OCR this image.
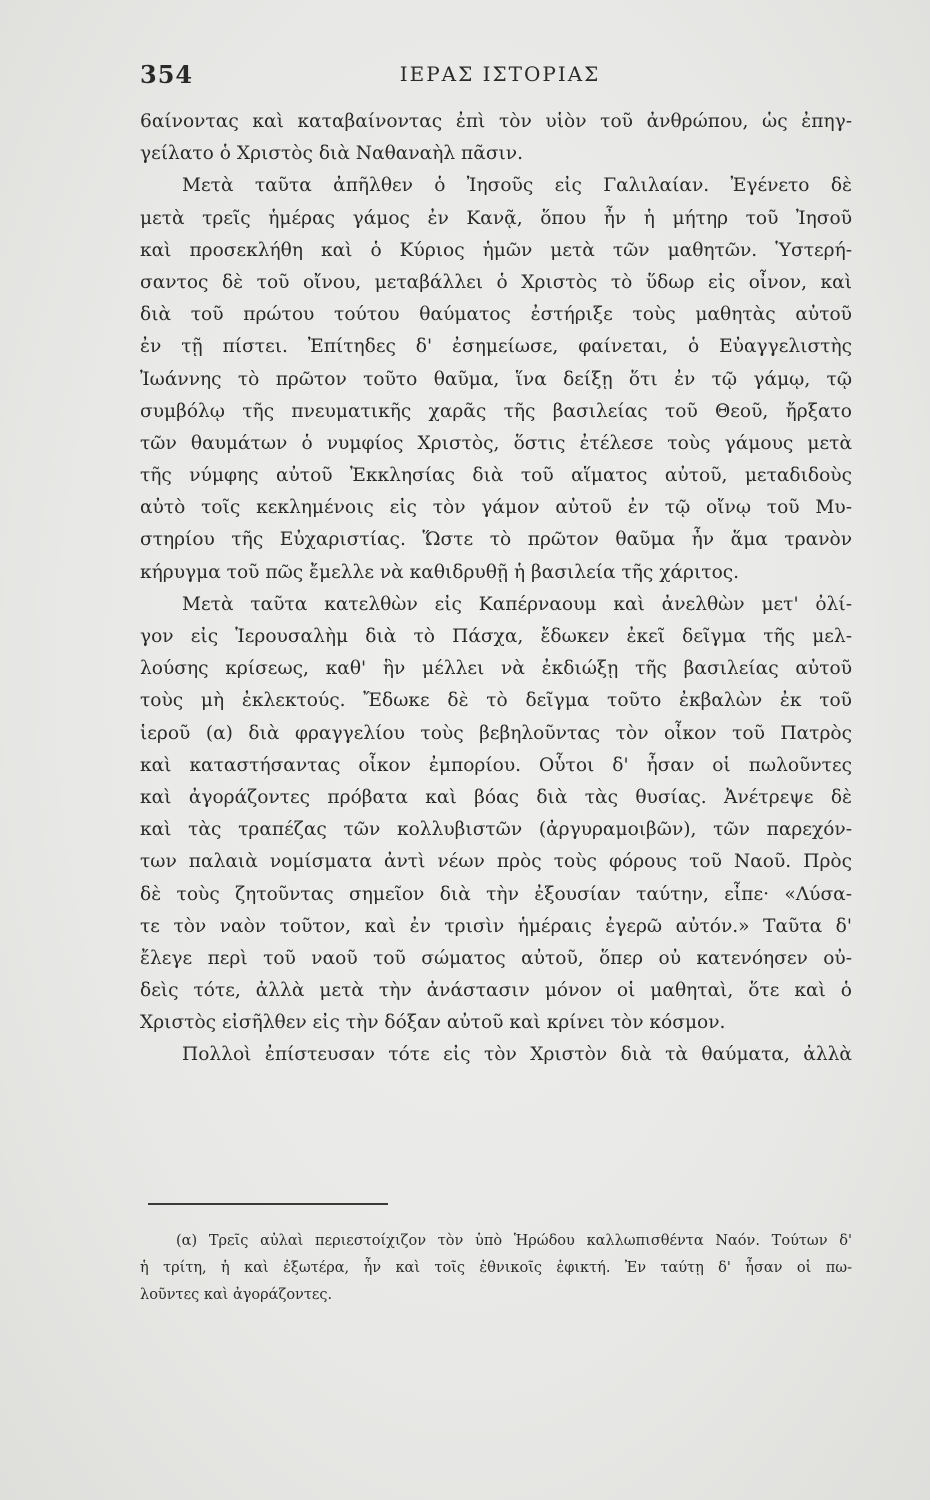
354	ΙΕΡΑΣ ΙΣΤΟΡΙΑΣ
6αίνοντας καὶ καταβαίνοντας ἐπὶ τὸν υἱὸν τοῦ ἀνθρώπου, ὡς ἐπηγ-
γείλατο ὁ Χριστὸς διὰ Ναθαναὴλ πᾶσιν.
Μετὰ ταῦτα ἀπῆλθεν ὁ Ἰησοῦς εἰς Γαλιλαίαν. Ἐγένετο δὲ
μετὰ τρεῖς ἡμέρας γάμος ἐν Κανᾷ, ὅπου ἦν ἡ μήτηρ τοῦ Ἰησοῦ
καὶ προσεκλήθη καὶ ὁ Κύριος ἡμῶν μετὰ τῶν μαθητῶν. Ὑστερή-
σαντος δὲ τοῦ οἴνου, μεταβάλλει ὁ Χριστὸς τὸ ὕδωρ εἰς οἶνον, καὶ
διὰ τοῦ πρώτου τούτου θαύματος ἐστήριξε τοὺς μαθητὰς αὐτοῦ
ἐν τῇ πίστει. Ἐπίτηδες δ' ἐσημείωσε, φαίνεται, ὁ Εὐαγγελιστὴς
Ἰωάννης τὸ πρῶτον τοῦτο θαῦμα, ἵνα δείξῃ ὅτι ἐν τῷ γάμῳ, τῷ
συμβόλῳ τῆς πνευματικῆς χαρᾶς τῆς βασιλείας τοῦ Θεοῦ, ἤρξατο
τῶν θαυμάτων ὁ νυμφίος Χριστὸς, ὅστις ἐτέλεσε τοὺς γάμους μετὰ
τῆς νύμφης αὐτοῦ Ἐκκλησίας διὰ τοῦ αἵματος αὐτοῦ, μεταδιδοὺς
αὐτὸ τοῖς κεκλημένοις εἰς τὸν γάμον αὐτοῦ ἐν τῷ οἴνῳ τοῦ Μυ-
στηρίου τῆς Εὐχαριστίας. Ὥστε τὸ πρῶτον θαῦμα ἦν ἅμα τρανὸν
κήρυγμα τοῦ πῶς ἔμελλε νὰ καθιδρυθῇ ἡ βασιλεία τῆς χάριτος.
Μετὰ ταῦτα κατελθὼν εἰς Καπέρναουμ καὶ ἀνελθὼν μετ' ὀλί-
γον εἰς Ἱερουσαλὴμ διὰ τὸ Πάσχα, ἔδωκεν ἐκεῖ δεῖγμα τῆς μελ-
λούσης κρίσεως, καθ' ἣν μέλλει νὰ ἐκδιώξῃ τῆς βασιλείας αὐτοῦ
τοὺς μὴ ἐκλεκτούς. Ἔδωκε δὲ τὸ δεῖγμα τοῦτο ἐκβαλὼν ἐκ τοῦ
ἱεροῦ (α) διὰ φραγγελίου τοὺς βεβηλοῦντας τὸν οἶκον τοῦ Πατρὸς
καὶ καταστήσαντας οἶκον ἐμπορίου. Οὗτοι δ' ἦσαν οἱ πωλοῦντες
καὶ ἀγοράζοντες πρόβατα καὶ βόας διὰ τὰς θυσίας. Ἀνέτρεψε δὲ
καὶ τὰς τραπέζας τῶν κολλυβιστῶν (ἀργυραμοιβῶν), τῶν παρεχόν-
των παλαιὰ νομίσματα ἀντὶ νέων πρὸς τοὺς φόρους τοῦ Ναοῦ. Πρὸς
δὲ τοὺς ζητοῦντας σημεῖον διὰ τὴν ἐξουσίαν ταύτην, εἶπε· «Λύσα-
τε τὸν ναὸν τοῦτον, καὶ ἐν τρισὶν ἡμέραις ἐγερῶ αὐτόν.» Ταῦτα δ'
ἔλεγε περὶ τοῦ ναοῦ τοῦ σώματος αὐτοῦ, ὅπερ οὐ κατενόησεν οὐ-
δεὶς τότε, ἀλλὰ μετὰ τὴν ἀνάστασιν μόνον οἱ μαθηταὶ, ὅτε καὶ ὁ
Χριστὸς εἰσῆλθεν εἰς τὴν δόξαν αὐτοῦ καὶ κρίνει τὸν κόσμον.
Πολλοὶ ἐπίστευσαν τότε εἰς τὸν Χριστὸν διὰ τὰ θαύματα, ἀλλὰ
(α) Τρεῖς αὐλαὶ περιεστοίχιζον τὸν ὑπὸ Ἡρώδου καλλωπισθέντα Ναόν. Τούτων δ'
ἡ τρίτη, ἡ καὶ ἐξωτέρα, ἦν καὶ τοῖς ἐθνικοῖς ἐφικτή. Ἐν ταύτῃ δ' ἦσαν οἱ πω-
λοῦντες καὶ ἀγοράζοντες.
